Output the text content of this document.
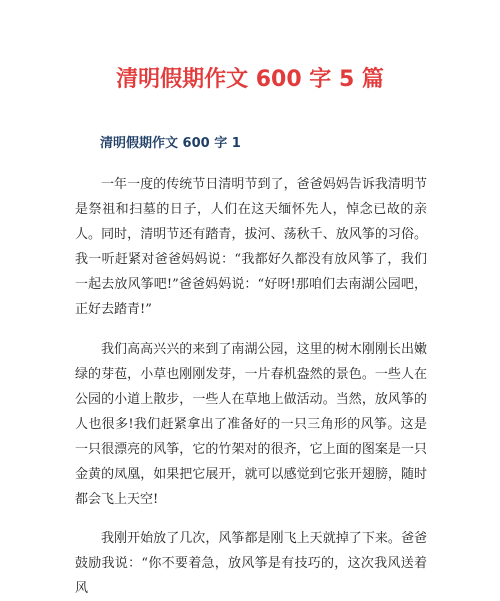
清明假期作文 600 字 5 篇
清明假期作文 600 字 1

一年一度的传统节日清明节到了，爸爸妈妈告诉我清明节是祭祖和扫墓的日子，人们在这天缅怀先人，悼念已故的亲人。同时，清明节还有踏青，拔河、荡秋千、放风筝的习俗。我一听赶紧对爸爸妈妈说：“我都好久都没有放风筝了，我们一起去放风筝吧!”爸爸妈妈说：“好呀!那咱们去南湖公园吧，正好去踏青!”

我们高高兴兴的来到了南湖公园，这里的树木刚刚长出嫩绿的芽苞，小草也刚刚发芽，一片春机盎然的景色。一些人在公园的小道上散步，一些人在草地上做活动。当然，放风筝的人也很多!我们赶紧拿出了准备好的一只三角形的风筝。这是一只很漂亮的风筝，它的竹架对的很齐，它上面的图案是一只金黄的凤凰，如果把它展开，就可以感觉到它张开翅膀，随时都会飞上天空!

我刚开始放了几次，风筝都是刚飞上天就掉了下来。爸爸鼓励我说：“你不要着急，放风筝是有技巧的，这次我风送着风
